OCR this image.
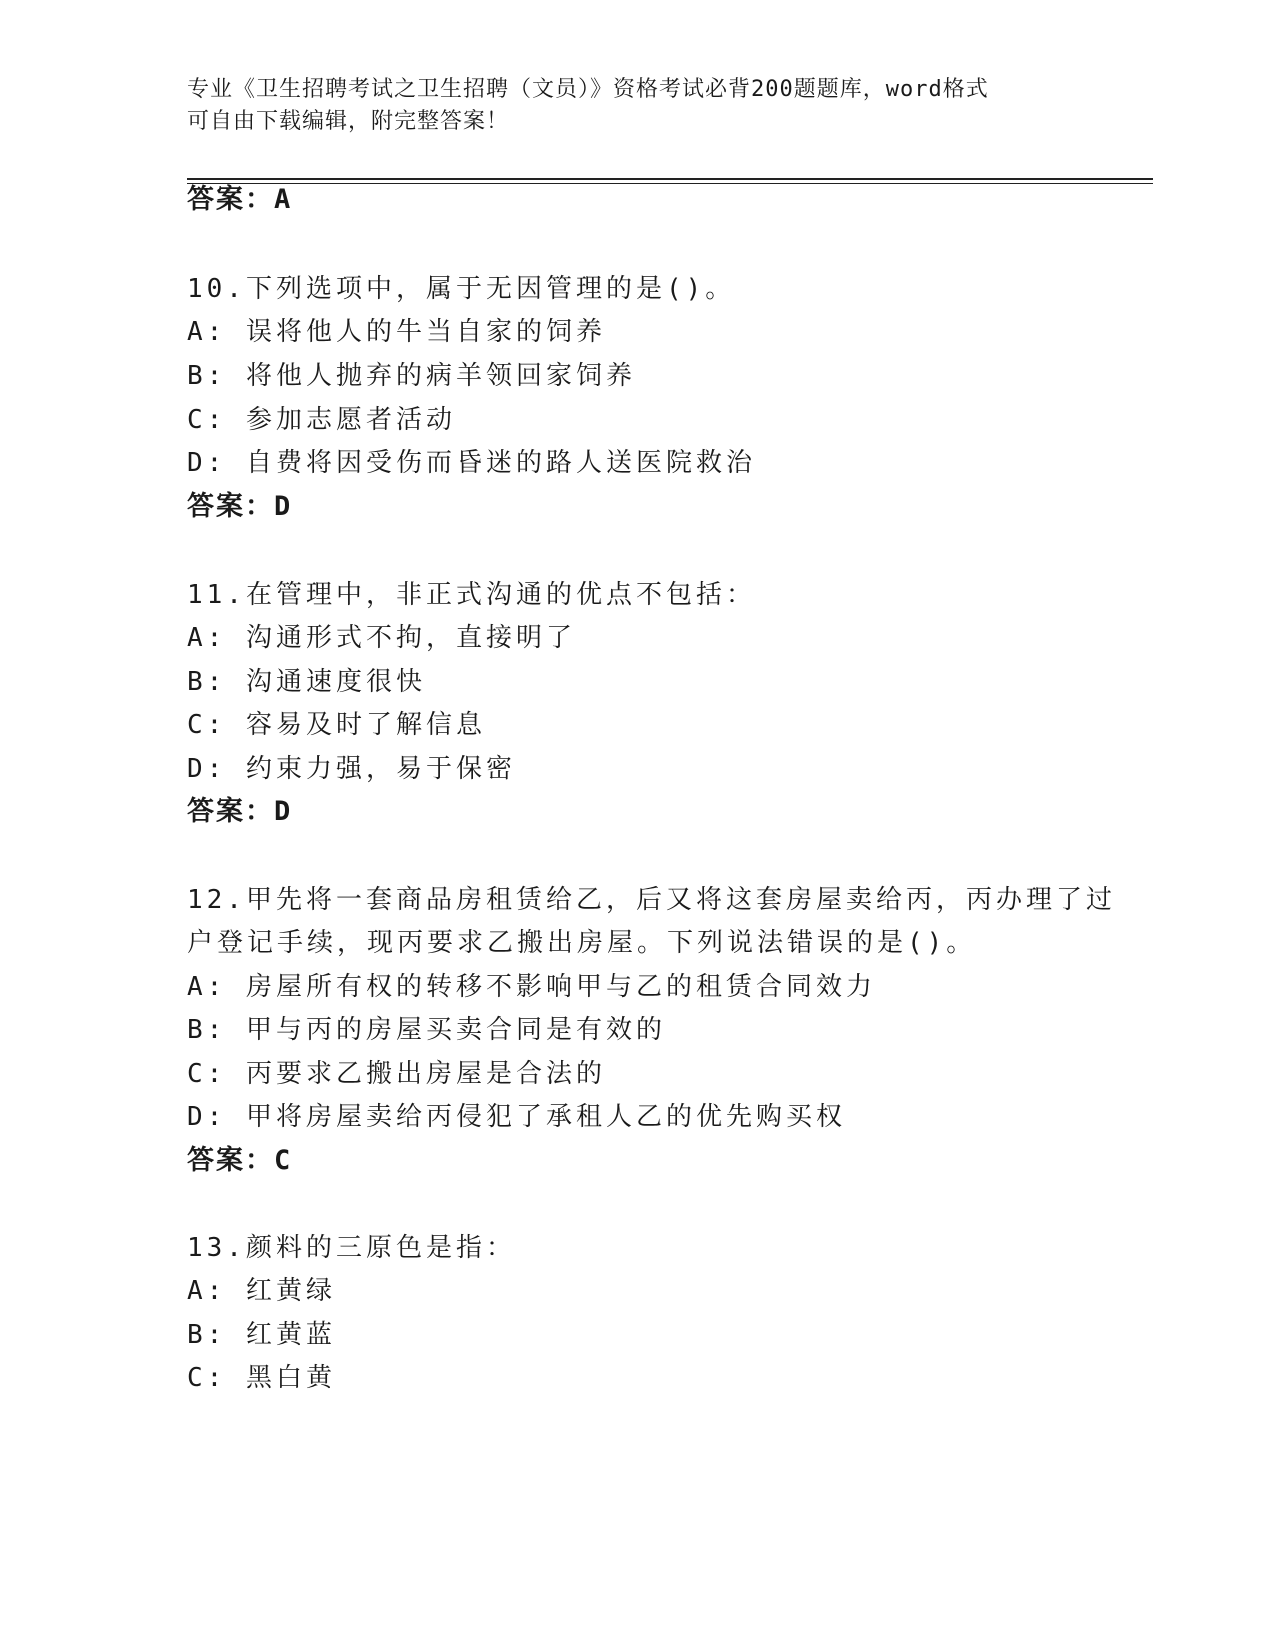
专业《卫生招聘考试之卫生招聘（文员）》资格考试必背200题题库，word格式
可自由下载编辑，附完整答案！
答案：A
10.下列选项中，属于无因管理的是()。
A: 误将他人的牛当自家的饲养
B: 将他人抛弃的病羊领回家饲养
C: 参加志愿者活动
D: 自费将因受伤而昏迷的路人送医院救治
答案：D
11.在管理中，非正式沟通的优点不包括：
A: 沟通形式不拘，直接明了
B: 沟通速度很快
C: 容易及时了解信息
D: 约束力强，易于保密
答案：D
12.甲先将一套商品房租赁给乙，后又将这套房屋卖给丙，丙办理了过
户登记手续，现丙要求乙搬出房屋。下列说法错误的是()。
A: 房屋所有权的转移不影响甲与乙的租赁合同效力
B: 甲与丙的房屋买卖合同是有效的
C: 丙要求乙搬出房屋是合法的
D: 甲将房屋卖给丙侵犯了承租人乙的优先购买权
答案：C
13.颜料的三原色是指：
A: 红黄绿
B: 红黄蓝
C: 黑白黄
